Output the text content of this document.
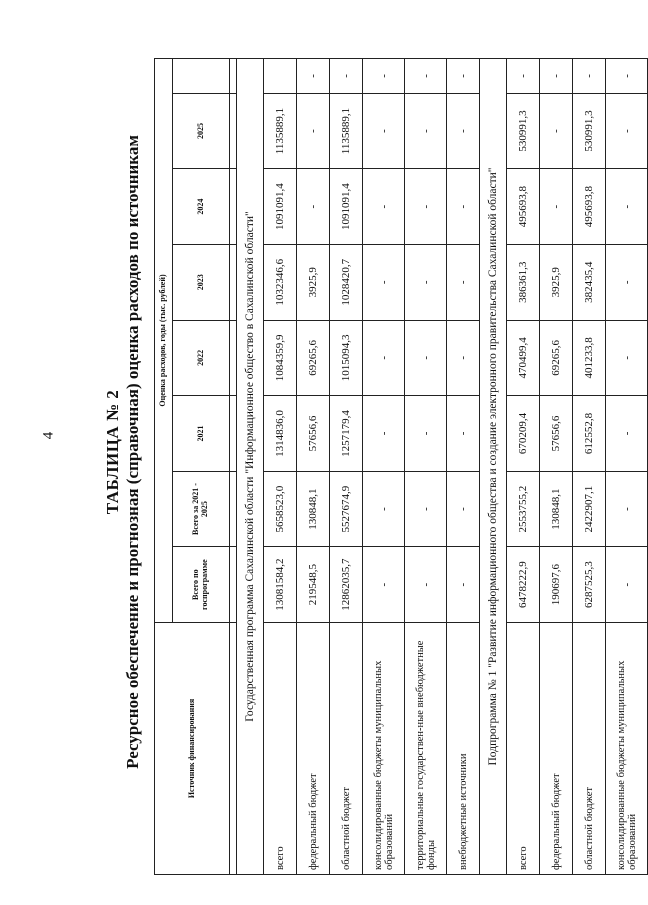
4	ТАБЛИЦА № 2 Ресурсное обеспечение и прогнозная (справочная) оценка расходов по источникам	Источник финансирования	Оценка расходов, годы (тыс. рублей)							
	Всего по госпрограмме	Всего за 2021 - 2025	2021	2022	2023	2024	2025	

Государственная программа Сахалинской области "Информационное общество в Сахалинской области"								
всего	13081584,2	5658523,0	1314836,0	1084359,9	1032346,6	1091091,4	1135889,1	
федеральный бюджет	219548,5	130848,1	57656,6	69265,6	3925,9	-	-	-
областной бюджет	12862035,7	5527674,9	1257179,4	1015094,3	1028420,7	1091091,4	1135889,1	-
консолидированные бюджеты муниципальных образований	-	-	-	-	-	-	-	-
территориальные государствен-ные внебюджетные фонды	-	-	-	-	-	-	-	-
внебюджетные источники	-	-	-	-	-	-	-	-
Подпрограмма № 1 "Развитие информационного общества и создание электронного правительства Сахалинской области"								
всего	6478222,9	2553755,2	670209,4	470499,4	386361,3	495693,8	530991,3	-
федеральный бюджет	190697,6	130848,1	57656,6	69265,6	3925,9	-	-	-
областной бюджет	6287525,3	2422907,1	612552,8	401233,8	382435,4	495693,8	530991,3	-
консолидированные бюджеты муниципальных образований	-	-	-	-	-	-	-	-
